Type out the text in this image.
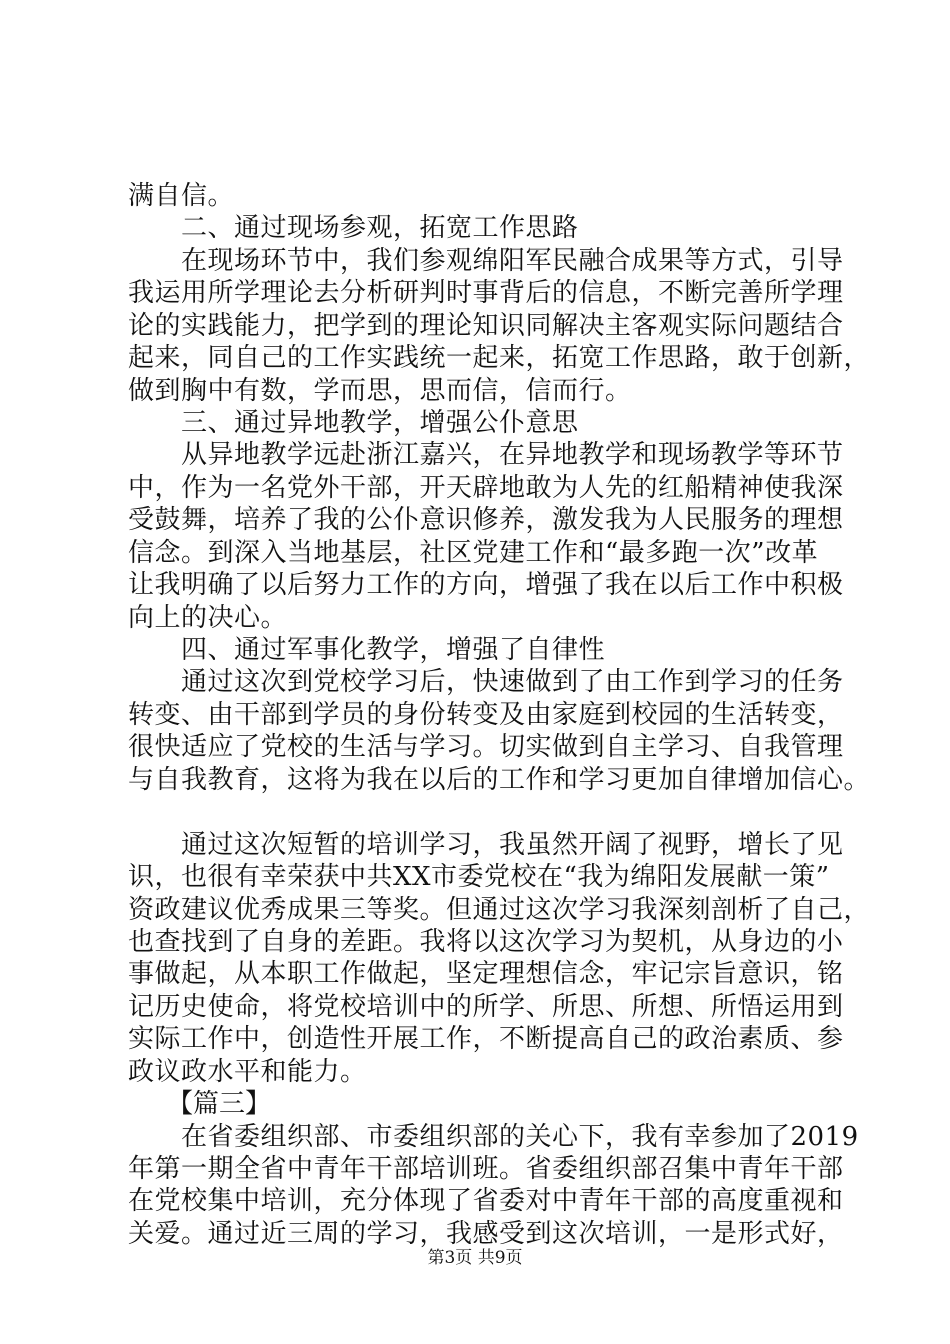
满自信。
　　二、通过现场参观，拓宽工作思路
　　在现场环节中，我们参观绵阳军民融合成果等方式，引导
我运用所学理论去分析研判时事背后的信息，不断完善所学理
论的实践能力，把学到的理论知识同解决主客观实际问题结合
起来，同自己的工作实践统一起来，拓宽工作思路，敢于创新，
做到胸中有数，学而思，思而信，信而行。
　　三、通过异地教学，增强公仆意思
　　从异地教学远赴浙江嘉兴，在异地教学和现场教学等环节
中，作为一名党外干部，开天辟地敢为人先的红船精神使我深
受鼓舞，培养了我的公仆意识修养，激发我为人民服务的理想
信念。到深入当地基层，社区党建工作和“最多跑一次”改革
让我明确了以后努力工作的方向，增强了我在以后工作中积极
向上的决心。
　　四、通过军事化教学，增强了自律性
　　通过这次到党校学习后，快速做到了由工作到学习的任务
转变、由干部到学员的身份转变及由家庭到校园的生活转变，
很快适应了党校的生活与学习。切实做到自主学习、自我管理
与自我教育，这将为我在以后的工作和学习更加自律增加信心。
　　通过这次短暂的培训学习，我虽然开阔了视野，增长了见
识，也很有幸荣获中共XX市委党校在“我为绵阳发展献一策”
资政建议优秀成果三等奖。但通过这次学习我深刻剖析了自己，
也查找到了自身的差距。我将以这次学习为契机，从身边的小
事做起，从本职工作做起，坚定理想信念，牢记宗旨意识，铭
记历史使命，将党校培训中的所学、所思、所想、所悟运用到
实际工作中，创造性开展工作，不断提高自己的政治素质、参
政议政水平和能力。
　　【篇三】
　　在省委组织部、市委组织部的关心下，我有幸参加了2019
年第一期全省中青年干部培训班。省委组织部召集中青年干部
在党校集中培训，充分体现了省委对中青年干部的高度重视和
关爱。通过近三周的学习，我感受到这次培训，一是形式好，
第3页 共9页
